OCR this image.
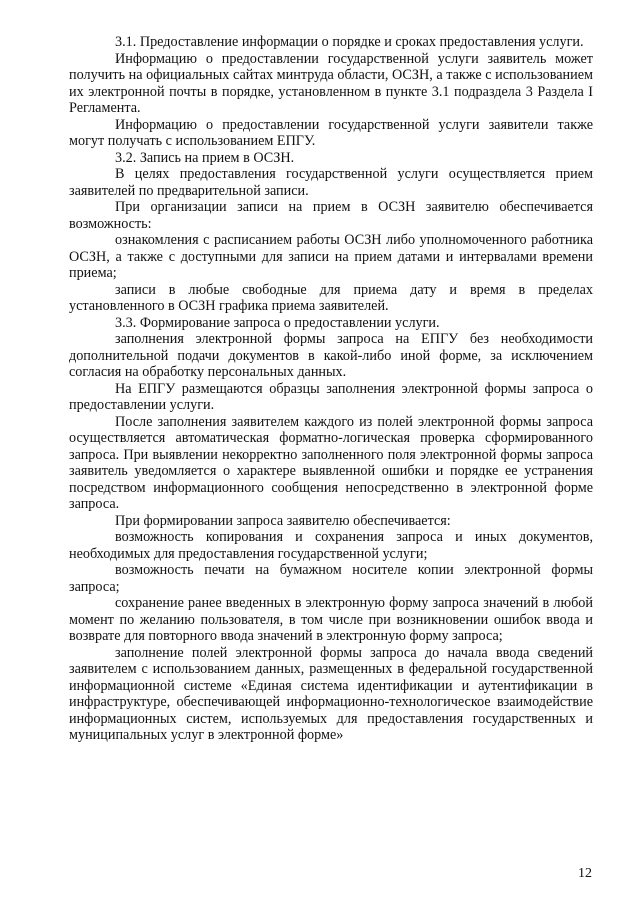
3.1. Предоставление информации о порядке и сроках предоставления услуги.

Информацию о предоставлении государственной услуги заявитель может получить на официальных сайтах минтруда области, ОСЗН, а также с использованием их электронной почты в порядке, установленном в пункте 3.1 подраздела 3 Раздела I Регламента.

Информацию о предоставлении государственной услуги заявители также могут получать с использованием ЕПГУ.

3.2. Запись на прием в ОСЗН.

В целях предоставления государственной услуги осуществляется прием заявителей по предварительной записи.

При организации записи на прием в ОСЗН заявителю обеспечивается возможность:

ознакомления с расписанием работы ОСЗН либо уполномоченного работника ОСЗН, а также с доступными для записи на прием датами и интервалами времени приема;

записи в любые свободные для приема дату и время в пределах установленного в ОСЗН графика приема заявителей.

3.3. Формирование запроса о предоставлении услуги.

заполнения электронной формы запроса на ЕПГУ без необходимости дополнительной подачи документов в какой-либо иной форме, за исключением согласия на обработку персональных данных.

На ЕПГУ размещаются образцы заполнения электронной формы запроса о предоставлении услуги.

После заполнения заявителем каждого из полей электронной формы запроса осуществляется автоматическая форматно-логическая проверка сформированного запроса. При выявлении некорректно заполненного поля электронной формы запроса заявитель уведомляется о характере выявленной ошибки и порядке ее устранения посредством информационного сообщения непосредственно в электронной форме запроса.

При формировании запроса заявителю обеспечивается:

возможность копирования и сохранения запроса и иных документов, необходимых для предоставления государственной услуги;

возможность печати на бумажном носителе копии электронной формы запроса;

сохранение ранее введенных в электронную форму запроса значений в любой момент по желанию пользователя, в том числе при возникновении ошибок ввода и возврате для повторного ввода значений в электронную форму запроса;

заполнение полей электронной формы запроса до начала ввода сведений заявителем с использованием данных, размещенных в федеральной государственной информационной системе «Единая система идентификации и аутентификации в инфраструктуре, обеспечивающей информационно-технологическое взаимодействие информационных систем, используемых для предоставления государственных и муниципальных услуг в электронной форме»

12
